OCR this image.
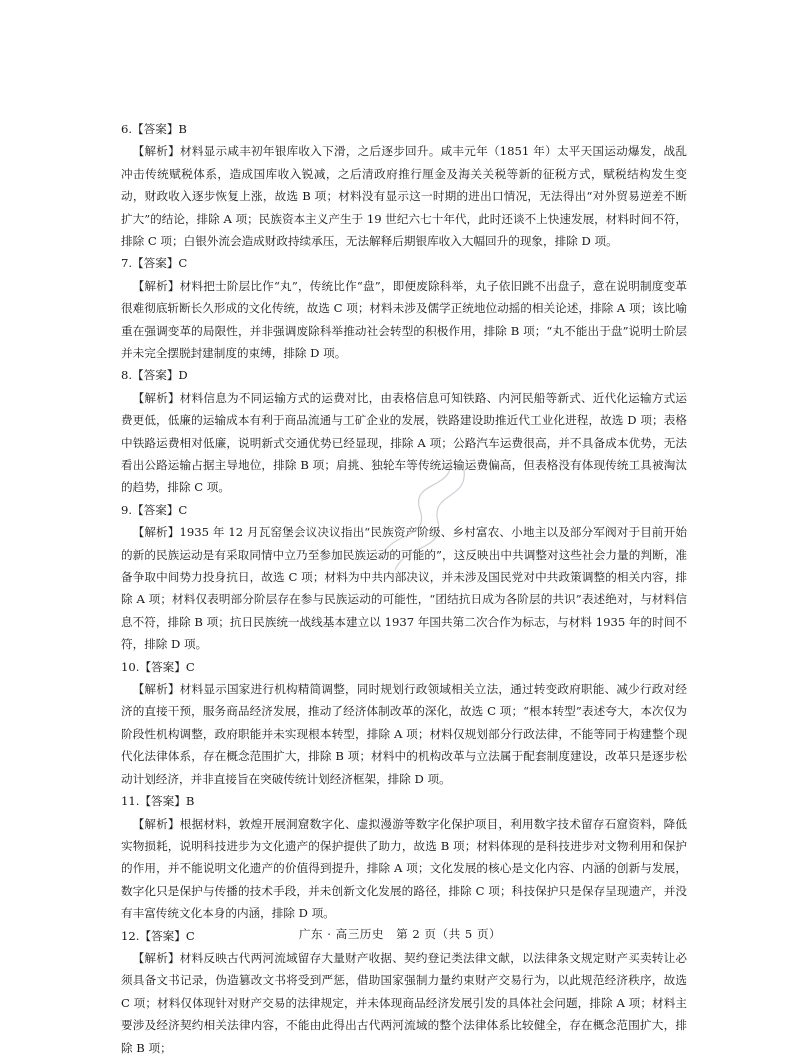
6.【答案】B

【解析】材料显示咸丰初年银库收入下滑，之后逐步回升。咸丰元年（1851 年）太平天国运动爆发，战乱冲击传统赋税体系，造成国库收入锐减，之后清政府推行厘金及海关关税等新的征税方式，赋税结构发生变动，财政收入逐步恢复上涨，故选 B 项；材料没有显示这一时期的进出口情况，无法得出“对外贸易逆差不断扩大”的结论，排除 A 项；民族资本主义产生于 19 世纪六七十年代，此时还谈不上快速发展，材料时间不符，排除 C 项；白银外流会造成财政持续承压，无法解释后期银库收入大幅回升的现象，排除 D 项。

7.【答案】C

【解析】材料把士阶层比作“丸”，传统比作“盘”，即便废除科举，丸子依旧跳不出盘子，意在说明制度变革很难彻底斩断长久形成的文化传统，故选 C 项；材料未涉及儒学正统地位动摇的相关论述，排除 A 项；该比喻重在强调变革的局限性，并非强调废除科举推动社会转型的积极作用，排除 B 项；“丸不能出于盘”说明士阶层并未完全摆脱封建制度的束缚，排除 D 项。

8.【答案】D

【解析】材料信息为不同运输方式的运费对比，由表格信息可知铁路、内河民船等新式、近代化运输方式运费更低，低廉的运输成本有利于商品流通与工矿企业的发展，铁路建设助推近代工业化进程，故选 D 项；表格中铁路运费相对低廉，说明新式交通优势已经显现，排除 A 项；公路汽车运费很高，并不具备成本优势，无法看出公路运输占据主导地位，排除 B 项；肩挑、独轮车等传统运输运费偏高，但表格没有体现传统工具被淘汰的趋势，排除 C 项。

9.【答案】C

【解析】1935 年 12 月瓦窑堡会议决议指出“民族资产阶级、乡村富农、小地主以及部分军阀对于目前开始的新的民族运动是有采取同情中立乃至参加民族运动的可能的”，这反映出中共调整对这些社会力量的判断，准备争取中间势力投身抗日，故选 C 项；材料为中共内部决议，并未涉及国民党对中共政策调整的相关内容，排除 A 项；材料仅表明部分阶层存在参与民族运动的可能性，“团结抗日成为各阶层的共识”表述绝对，与材料信息不符，排除 B 项；抗日民族统一战线基本建立以 1937 年国共第二次合作为标志，与材料 1935 年的时间不符，排除 D 项。

10.【答案】C

【解析】材料显示国家进行机构精简调整，同时规划行政领域相关立法，通过转变政府职能、减少行政对经济的直接干预，服务商品经济发展，推动了经济体制改革的深化，故选 C 项；“根本转型”表述夸大，本次仅为阶段性机构调整，政府职能并未实现根本转型，排除 A 项；材料仅规划部分行政法律，不能等同于构建整个现代化法律体系，存在概念范围扩大，排除 B 项；材料中的机构改革与立法属于配套制度建设，改革只是逐步松动计划经济，并非直接旨在突破传统计划经济框架，排除 D 项。

11.【答案】B

【解析】根据材料，敦煌开展洞窟数字化、虚拟漫游等数字化保护项目，利用数字技术留存石窟资料，降低实物损耗，说明科技进步为文化遗产的保护提供了助力，故选 B 项；材料体现的是科技进步对文物利用和保护的作用，并不能说明文化遗产的价值得到提升，排除 A 项；文化发展的核心是文化内容、内涵的创新与发展，数字化只是保护与传播的技术手段，并未创新文化发展的路径，排除 C 项；科技保护只是保存呈现遗产，并没有丰富传统文化本身的内涵，排除 D 项。

12.【答案】C

【解析】材料反映古代两河流域留存大量财产收据、契约登记类法律文献，以法律条文规定财产买卖转让必须具备文书记录，伪造篡改文书将受到严惩，借助国家强制力量约束财产交易行为，以此规范经济秩序，故选 C 项；材料仅体现针对财产交易的法律规定，并未体现商品经济发展引发的具体社会问题，排除 A 项；材料主要涉及经济契约相关法律内容，不能由此得出古代两河流域的整个法律体系比较健全，存在概念范围扩大，排除 B 项；

广东 · 高三历史　第 2 页（共 5 页）
